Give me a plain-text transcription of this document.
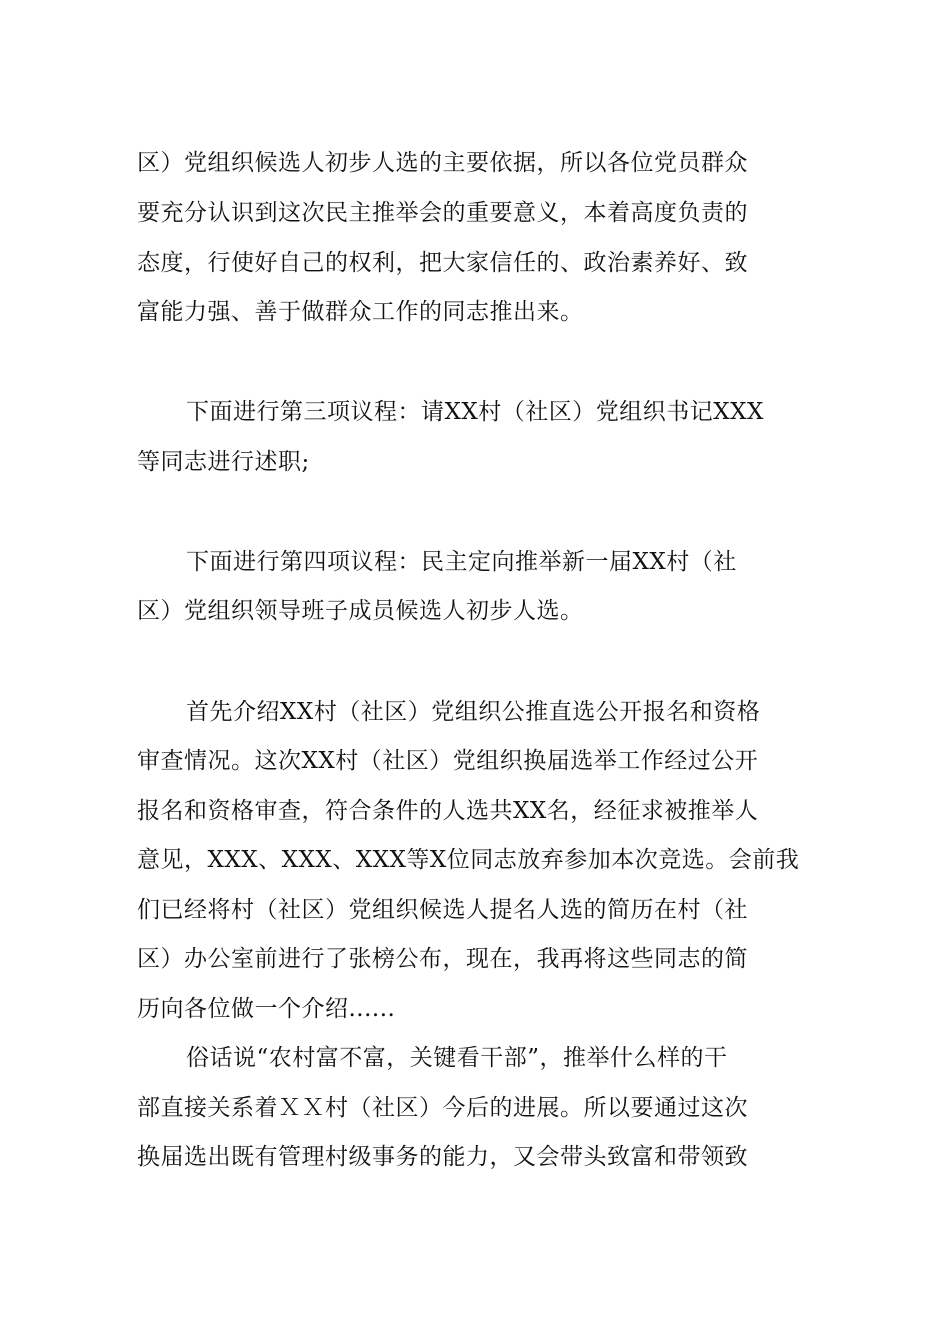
区）党组织候选人初步人选的主要依据，所以各位党员群众
要充分认识到这次民主推举会的重要意义，本着高度负责的
态度，行使好自己的权利，把大家信任的、政治素养好、致
富能力强、善于做群众工作的同志推出来。
下面进行第三项议程：请XX村（社区）党组织书记XXX
等同志进行述职;
下面进行第四项议程：民主定向推举新一届XX村（社
区）党组织领导班子成员候选人初步人选。
首先介绍XX村（社区）党组织公推直选公开报名和资格
审查情况。这次XX村（社区）党组织换届选举工作经过公开
报名和资格审查，符合条件的人选共XX名，经征求被推举人
意见，XXX、XXX、XXX等X位同志放弃参加本次竞选。会前我
们已经将村（社区）党组织候选人提名人选的简历在村（社
区）办公室前进行了张榜公布，现在，我再将这些同志的简
历向各位做一个介绍......
俗话说“农村富不富，关键看干部”，推举什么样的干
部直接关系着ＸＸ村（社区）今后的进展。所以要通过这次
换届选出既有管理村级事务的能力，又会带头致富和带领致
